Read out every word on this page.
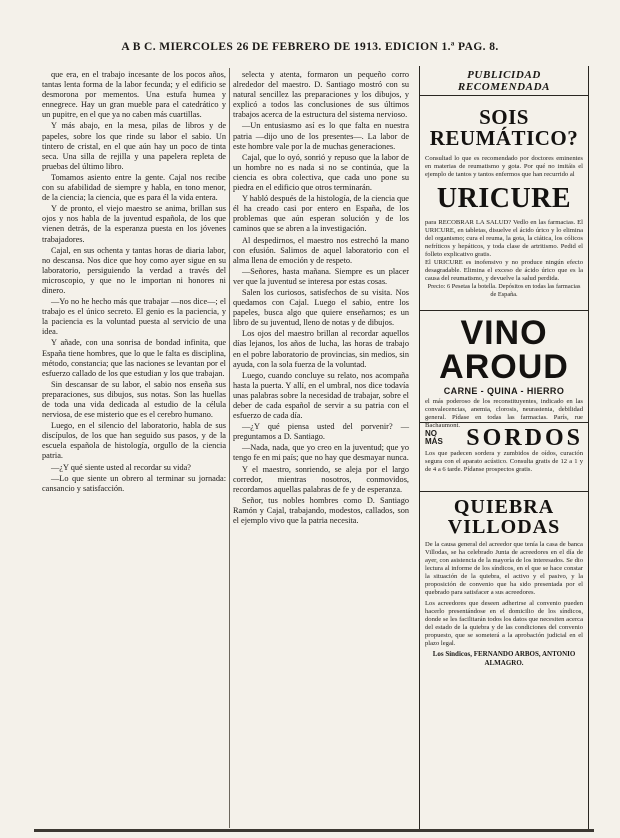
A B C. MIERCOLES 26 DE FEBRERO DE 1913. EDICION 1.ª PAG. 8.

que era, en el trabajo incesante de los pocos años, tantas lenta forma de la labor fecunda; y el edificio se desmorona por mementos. Una estufa humea y ennegrece. Hay un gran mueble para el catedrático y un pupitre, en el que ya no caben más cuartillas.

Y más abajo, en la mesa, pilas de libros y de papeles, sobre los que rinde su labor el sabio. Un tintero de cristal, en el que aún hay un poco de tinta seca. Una silla de rejilla y una papelera repleta de pruebas del último libro.

Tomamos asiento entre la gente. Cajal nos recibe con su afabilidad de siempre y habla, en tono menor, de la ciencia; la ciencia, que es para él la vida entera.

Y de pronto, el viejo maestro se anima, brillan sus ojos y nos habla de la juventud española, de los que vienen detrás, de la esperanza puesta en los jóvenes trabajadores.

Cajal, en sus ochenta y tantas horas de diaria labor, no descansa. Nos dice que hoy como ayer sigue en su laboratorio, persiguiendo la verdad a través del microscopio, y que no le importan ni honores ni dinero.

—Yo no he hecho más que trabajar —nos dice—; el trabajo es el único secreto. El genio es la paciencia, y la paciencia es la voluntad puesta al servicio de una idea.

Y añade, con una sonrisa de bondad infinita, que España tiene hombres, que lo que le falta es disciplina, método, constancia; que las naciones se levantan por el esfuerzo callado de los que estudian y los que trabajan.

Sin descansar de su labor, el sabio nos enseña sus preparaciones, sus dibujos, sus notas. Son las huellas de toda una vida dedicada al estudio de la célula nerviosa, de ese misterio que es el cerebro humano.

Luego, en el silencio del laboratorio, habla de sus discípulos, de los que han seguido sus pasos, y de la escuela española de histología, orgullo de la ciencia patria.

—¿Y qué siente usted al recordar su vida?

—Lo que siente un obrero al terminar su jornada: cansancio y satisfacción.

selecta y atenta, formaron un pequeño corro alrededor del maestro. D. Santiago mostró con su natural sencillez las preparaciones y los dibujos, y explicó a todos las conclusiones de sus últimos trabajos acerca de la estructura del sistema nervioso.

—Un entusiasmo así es lo que falta en nuestra patria —dijo uno de los presentes—. La labor de este hombre vale por la de muchas generaciones.

Cajal, que lo oyó, sonrió y repuso que la labor de un hombre no es nada si no se continúa, que la ciencia es obra colectiva, que cada uno pone su piedra en el edificio que otros terminarán.

Y habló después de la histología, de la ciencia que él ha creado casi por entero en España, de los problemas que aún esperan solución y de los caminos que se abren a la investigación.

Al despedirnos, el maestro nos estrechó la mano con efusión. Salimos de aquel laboratorio con el alma llena de emoción y de respeto.

—Señores, hasta mañana. Siempre es un placer ver que la juventud se interesa por estas cosas.

Salen los curiosos, satisfechos de su visita. Nos quedamos con Cajal. Luego el sabio, entre los papeles, busca algo que quiere enseñarnos; es un libro de su juventud, lleno de notas y de dibujos.

Los ojos del maestro brillan al recordar aquellos días lejanos, los años de lucha, las horas de trabajo en el pobre laboratorio de provincias, sin medios, sin ayuda, con la sola fuerza de la voluntad.

Luego, cuando concluye su relato, nos acompaña hasta la puerta. Y allí, en el umbral, nos dice todavía unas palabras sobre la necesidad de trabajar, sobre el deber de cada español de servir a su patria con el esfuerzo de cada día.

—¿Y qué piensa usted del porvenir? —preguntamos a D. Santiago.

—Nada, nada, que yo creo en la juventud; que yo tengo fe en mi país; que no hay que desmayar nunca.

Y el maestro, sonriendo, se aleja por el largo corredor, mientras nosotros, conmovidos, recordamos aquellas palabras de fe y de esperanza.

Señor, tus nobles hombres como D. Santiago Ramón y Cajal, trabajando, modestos, callados, son el ejemplo vivo que la patria necesita.

PUBLICIDAD RECOMENDADA
SOIS REUMÁTICO?
Consultad lo que es recomendado por doctores eminentes en materias de reumatismo y gota. Por qué no imitáis el ejemplo de tantos y tantos enfermos que han recurrido al
URICURE
para RECOBRAR LA SALUD? Vedlo en las farmacias. El URICURE, en tabletas, disuelve el ácido úrico y lo elimina del organismo; cura el reuma, la gota, la ciática, los cólicos nefríticos y hepáticos, y toda clase de artritismo. Pedid el folleto explicativo gratis.
El URICURE es inofensivo y no produce ningún efecto desagradable. Elimina el exceso de ácido úrico que es la causa del reumatismo, y devuelve la salud perdida.
Precio: 6 Pesetas la botella. Depósitos en todas las farmacias de España.
VINO AROUD
CARNE - QUINA - HIERRO
el más poderoso de los reconstituyentes, indicado en las convalecencias, anemia, clorosis, neurastenia, debilidad general. Pídase en todas las farmacias. París, rue Bachaumont.
NO MÁS SORDOS
Los que padecen sordera y zumbidos de oídos, curación segura con el aparato acústico. Consulta gratis de 12 a 1 y de 4 a 6 tarde. Pídanse prospectos gratis.
QUIEBRA VILLODAS
De la causa general del acreedor que tenía la casa de banca Villodas, se ha celebrado Junta de acreedores en el día de ayer, con asistencia de la mayoría de los interesados. Se dio lectura al informe de los síndicos, en el que se hace constar la situación de la quiebra, el activo y el pasivo, y la proposición de convenio que ha sido presentada por el quebrado para satisfacer a sus acreedores.
Los acreedores que deseen adherirse al convenio pueden hacerlo presentándose en el domicilio de los síndicos, donde se les facilitarán todos los datos que necesiten acerca del estado de la quiebra y de las condiciones del convenio propuesto, que se someterá a la aprobación judicial en el plazo legal.
Los Síndicos, FERNANDO ARBOS, ANTONIO ALMAGRO.
